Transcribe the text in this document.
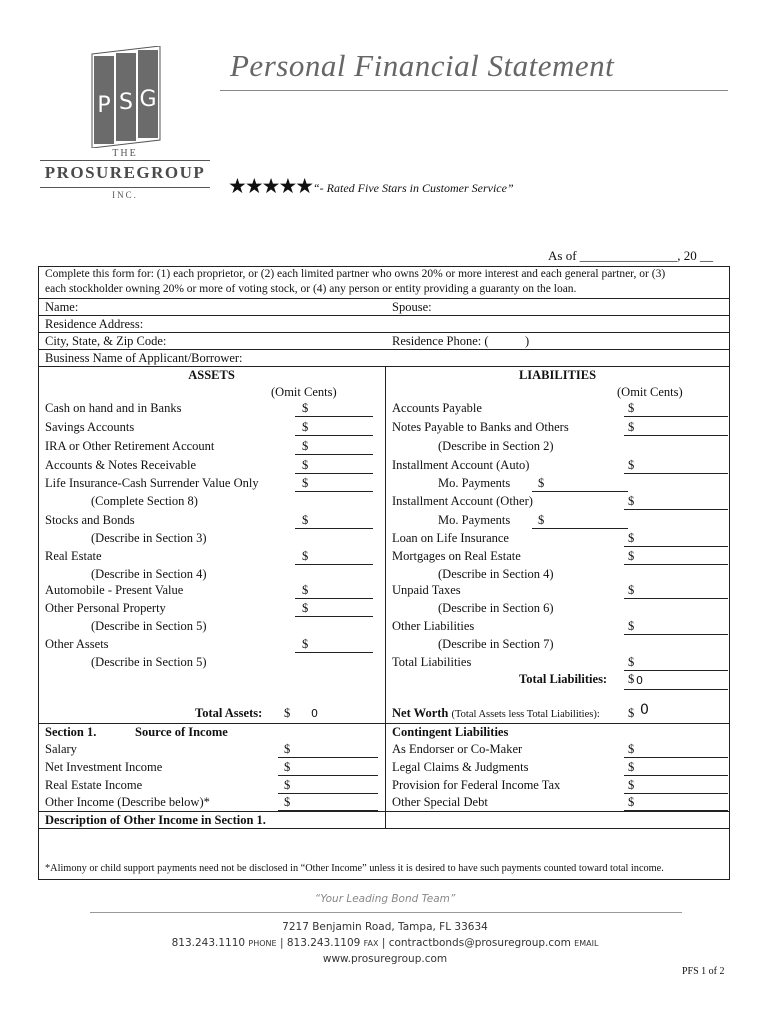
P S G
THE
PROSUREGROUP
INC.
Personal Financial Statement
★★★★★ “- Rated Five Stars in Customer Service”
As of _______________, 20 __
Complete this form for: (1) each proprietor, or (2) each limited partner who owns 20% or more interest and each general partner, or (3)
each stockholder owning 20% or more of voting stock, or (4) any person or entity providing a guaranty on the loan.
Name:	Spouse:
Residence Address:
City, State, & Zip Code:	Residence Phone: (	)
Business Name of Applicant/Borrower:
ASSETS
(Omit Cents)
Cash on hand and in Banks	$
Savings Accounts	$
IRA or Other Retirement Account	$
Accounts & Notes Receivable	$
Life Insurance-Cash Surrender Value Only	$
(Complete Section 8)
Stocks and Bonds	$
(Describe in Section 3)
Real Estate	$
(Describe in Section 4)
Automobile - Present Value	$
Other Personal Property	$
(Describe in Section 5)
Other Assets	$
(Describe in Section 5)
Total Assets: $ 0
LIABILITIES
(Omit Cents)
Accounts Payable	$
Notes Payable to Banks and Others	$
(Describe in Section 2)
Installment Account (Auto)	$
Mo. Payments $
Installment Account (Other)	$
Mo. Payments $
Loan on Life Insurance	$
Mortgages on Real Estate	$
(Describe in Section 4)
Unpaid Taxes	$
(Describe in Section 6)
Other Liabilities	$
(Describe in Section 7)
Total Liabilities	$
Total Liabilities: $ 0
Net Worth (Total Assets less Total Liabilities): $ 0
Section 1.	Source of Income
Salary	$
Net Investment Income	$
Real Estate Income	$
Other Income (Describe below)*	$
Contingent Liabilities
As Endorser or Co-Maker	$
Legal Claims & Judgments	$
Provision for Federal Income Tax	$
Other Special Debt	$
Description of Other Income in Section 1.
*Alimony or child support payments need not be disclosed in “Other Income” unless it is desired to have such payments counted toward total income.
“Your Leading Bond Team”
7217 Benjamin Road, Tampa, FL 33634
813.243.1110 PHONE | 813.243.1109 FAX | contractbonds@prosuregroup.com EMAIL
www.prosuregroup.com
PFS 1 of 2
